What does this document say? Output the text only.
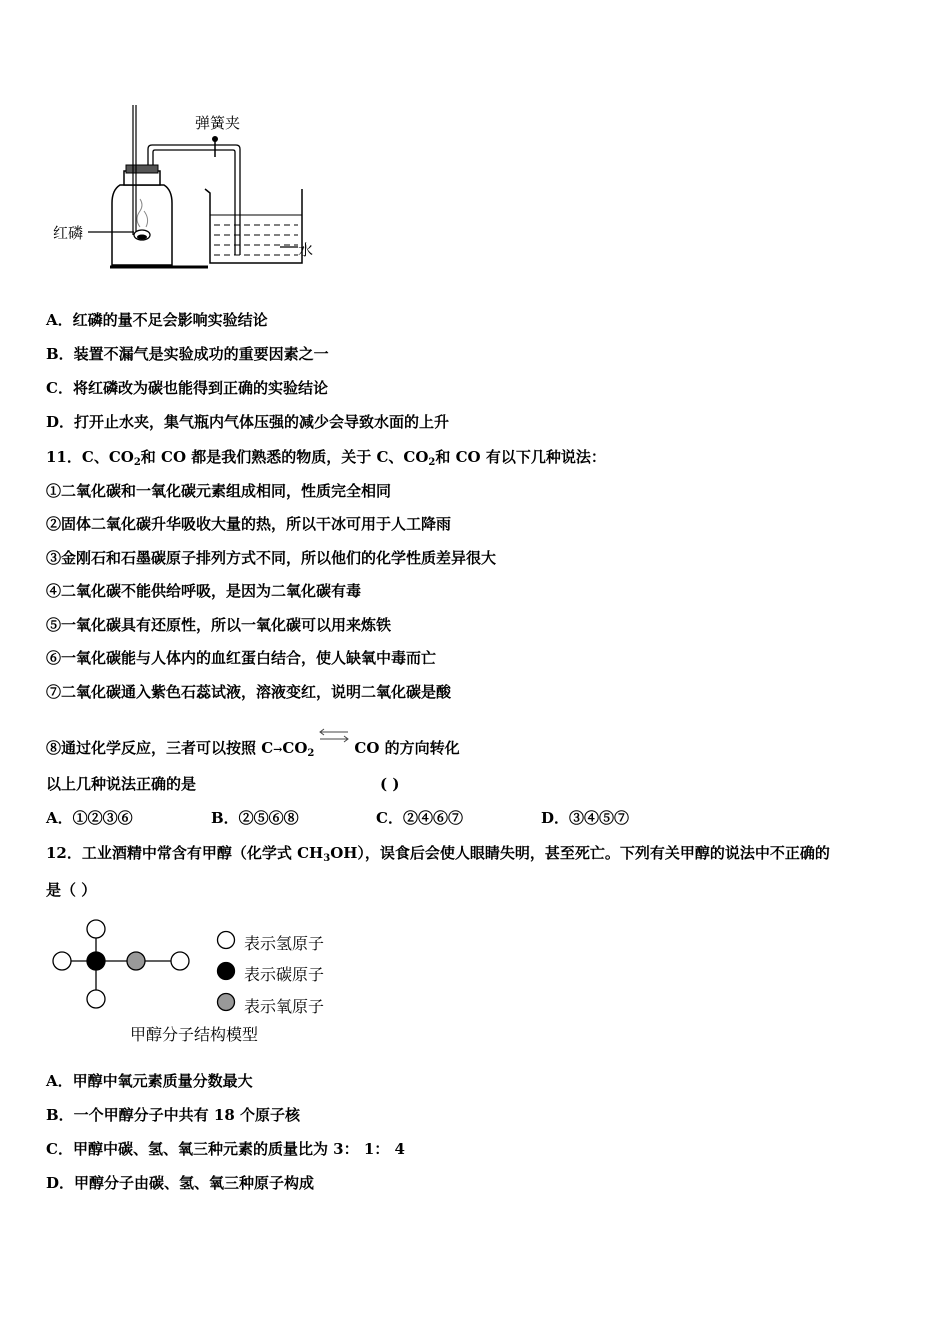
弹簧夹
红磷
水
A．红磷的量不足会影响实验结论
B．装置不漏气是实验成功的重要因素之一
C．将红磷改为碳也能得到正确的实验结论
D．打开止水夹，集气瓶内气体压强的减少会导致水面的上升
11．C、$CO_2$和 CO 都是我们熟悉的物质，关于 C、$CO_2$和 CO 有以下几种说法：
①二氧化碳和一氧化碳元素组成相同，性质完全相同
②固体二氧化碳升华吸收大量的热，所以干冰可用于人工降雨
③金刚石和石墨碳原子排列方式不同，所以他们的化学性质差异很大
④二氧化碳不能供给呼吸，是因为二氧化碳有毒
⑤一氧化碳具有还原性，所以一氧化碳可以用来炼铁
⑥一氧化碳能与人体内的血红蛋白结合，使人缺氧中毒而亡
⑦二氧化碳通入紫色石蕊试液，溶液变红，说明二氧化碳是酸
⑧通过化学反应，三者可以按照 $C\to CO_2$	CO 的方向转化
以上几种说法正确的是	( )
A．①②③⑥	B．②⑤⑥⑧	C．②④⑥⑦	D．③④⑤⑦
12．工业酒精中常含有甲醇（化学式 $CH_3OH$），误食后会使人眼睛失明，甚至死亡。下列有关甲醇的说法中不正确的
是（ ）
表示氢原子
表示碳原子
表示氧原子
甲醇分子结构模型
A．甲醇中氧元素质量分数最大
B．一个甲醇分子中共有 18 个原子核
C．甲醇中碳、氢、氧三种元素的质量比为 3： 1： 4
D．甲醇分子由碳、氢、氧三种原子构成
